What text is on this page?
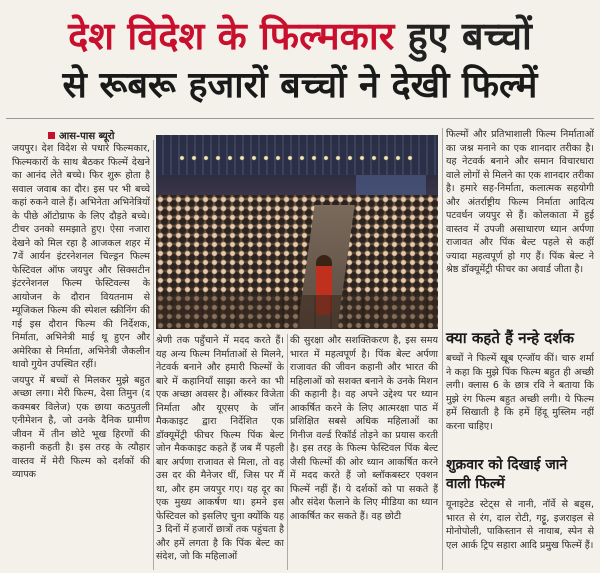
देश विदेश के फिल्मकार हुए बच्चों
से रूबरू हजारों बच्चों ने देखी फिल्में
आस-पास ब्यूरो

जयपुर। देश विदेश से पधारे फिल्मकार, फिल्मकारों के साथ बैठकर फिल्में देखने का आनंद लेते बच्चे। फिर शुरू होता है सवाल जवाब का दौर। इस पर भी बच्चे कहां रुकने वाले हैं। अभिनेता अभिनेत्रियों के पीछे ऑटोग्राफ के लिए दौड़ते बच्चे। टीचर उनको समझाते हुए। ऐसा नजारा देखने को मिल रहा है आजकल शहर में 7वें आर्यन इंटरनेशनल चिल्ड्रन फिल्म फेस्टिवल ऑफ जयपुर और सिक्सटीन इंटरनेशनल फिल्म फेस्टिवल्स के आयोजन के दौरान वियतनाम से म्यूजिकल फिल्म की स्पेशल स्क्रीनिंग की गई इस दौरान फिल्म की निर्देशक, निर्माता, अभिनेत्री माई थू हुएन और अमेरिका से निर्माता, अभिनेत्री जैकलीन थावो गुयेन उपस्थित रहीं।

जयपुर में बच्चों से मिलकर मुझे बहुत अच्छा लगा। मेरी फिल्म, देसा तिमुन (द कक्मबर विलेज) एक छाया कठपुतली एनीमेशन है, जो उनके दैनिक ग्रामीण जीवन में तीन छोटे भूख हिरणों की कहानी कहती है। इस तरह के त्यौहार वास्तव में मेरी फिल्म को दर्शकों की व्यापक

श्रेणी तक पहुँचाने में मदद करते हैं। यह अन्य फिल्म निर्माताओं से मिलने, नेटवर्क बनाने और हमारी फिल्मों के बारे में कहानियाँ साझा करने का भी एक अच्छा अवसर है। ऑस्कर विजेता निर्माता और यूएसए के जॉन मैककाइट द्वारा निर्देशित एक डॉक्यूमेंट्री फीचर फिल्म पिंक बेल्ट जोन मैककाइट कहते हैं जब मैं पहली बार अर्पणा राजावत से मिला, तो वह उस दर की मैनेजर थीं, जिस पर मैं था, और हम जयपुर गए। यह दूर का एक मुख्य आकर्षण था। हमने इस फेस्टिवल को इसलिए चुना क्योंकि यह 3 दिनों में हजारों छात्रों तक पहुंचता है और हमें लगता है कि पिंक बेल्ट का संदेश, जो कि महिलाओं

की सुरक्षा और सशक्तिकरण है, इस समय भारत में महत्वपूर्ण है। पिंक बेल्ट अर्पणा राजावत की जीवन कहानी और भारत की महिलाओं को सशक्त बनाने के उनके मिशन की कहानी है। वह अपने उद्देश्य पर ध्यान आकर्षित करने के लिए आत्मरक्षा पाठ में प्रशिक्षित सबसे अधिक महिलाओं का गिनीज वर्ल्ड रिकॉर्ड तोड़ने का प्रयास करती है। इस तरह के फिल्म फेस्टिवल पिंक बेल्ट जैसी फिल्मों की ओर ध्यान आकर्षित करने में मदद करते हैं जो ब्लॉकबस्टर एक्शन फिल्में नहीं हैं। ये दर्शकों को पा सकते हैं और संदेश फैलाने के लिए मीडिया का ध्यान आकर्षित कर सकते हैं। वह छोटी

फिल्मों और प्रतिभाशाली फिल्म निर्माताओं का जश्न मनाने का एक शानदार तरीका है। यह नेटवर्क बनाने और समान विचारधारा वाले लोगों से मिलने का एक शानदार तरीका है। हमारे सह-निर्माता, कलात्मक सहयोगी और अंतर्राष्ट्रीय फिल्म निर्माता आदित्य पटवर्धन जयपुर से हैं। कोलकाता में हुई वास्तव में उपजी असाधारण ध्यान अर्पणा राजावत और पिंक बेल्ट पहले से कहीं ज्यादा महत्वपूर्ण हो गए हैं। पिंक बेल्ट ने श्रेष्ठ डॉक्यूमेंट्री फीचर का अवार्ड जीता है।

क्या कहते हैं नन्हे दर्शक

बच्चों ने फिल्में खूब एन्जॉय कीं। चारु शर्मा ने कहा कि मुझे पिंक फिल्म बहुत ही अच्छी लगी। क्लास 6 के छात्र रवि ने बताया कि मुझे रंग फिल्म बहुत अच्छी लगी। ये फिल्म हमें सिखाती है कि हमें हिंदू मुस्लिम नहीं करना चाहिए।

शुक्रवार को दिखाई जाने वाली फिल्में

यूनाइटेड स्टेट्स से नानी, नॉर्वे से बड्स, भारत से रंग, दाल रोटी, गट्टू, इजराइल से मोनोपोली, पाकिस्तान से नायाब, स्पेन से एल आर्क ट्रिप सहारा आदि प्रमुख फिल्में हैं।
